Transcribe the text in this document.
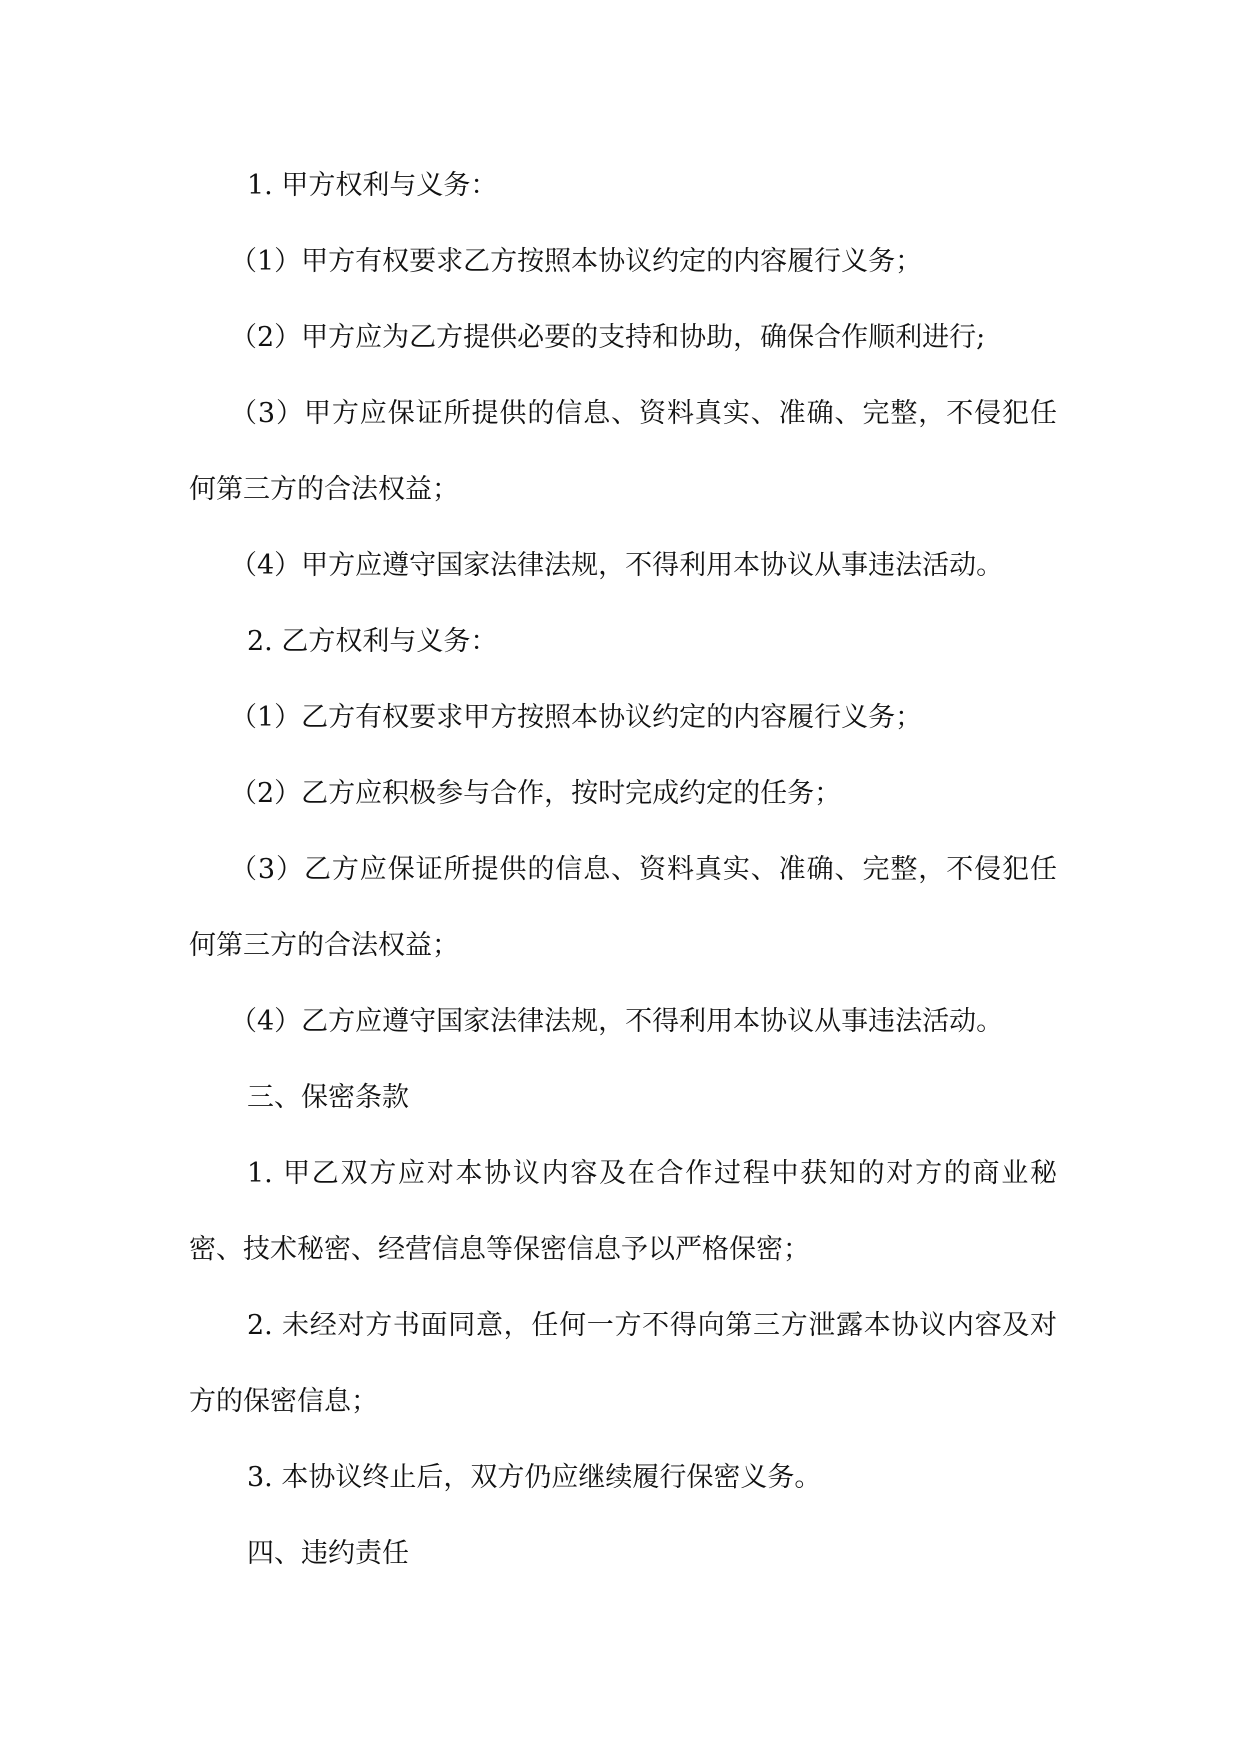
1. 甲方权利与义务：

（1）甲方有权要求乙方按照本协议约定的内容履行义务；

（2）甲方应为乙方提供必要的支持和协助，确保合作顺利进行;

（3）甲方应保证所提供的信息、资料真实、准确、完整，不侵犯任何第三方的合法权益；

（4）甲方应遵守国家法律法规，不得利用本协议从事违法活动。

2. 乙方权利与义务：

（1）乙方有权要求甲方按照本协议约定的内容履行义务；

（2）乙方应积极参与合作，按时完成约定的任务；

（3）乙方应保证所提供的信息、资料真实、准确、完整，不侵犯任何第三方的合法权益；

（4）乙方应遵守国家法律法规，不得利用本协议从事违法活动。

三、保密条款

1. 甲乙双方应对本协议内容及在合作过程中获知的对方的商业秘密、技术秘密、经营信息等保密信息予以严格保密；

2. 未经对方书面同意，任何一方不得向第三方泄露本协议内容及对方的保密信息；

3. 本协议终止后，双方仍应继续履行保密义务。

四、违约责任
